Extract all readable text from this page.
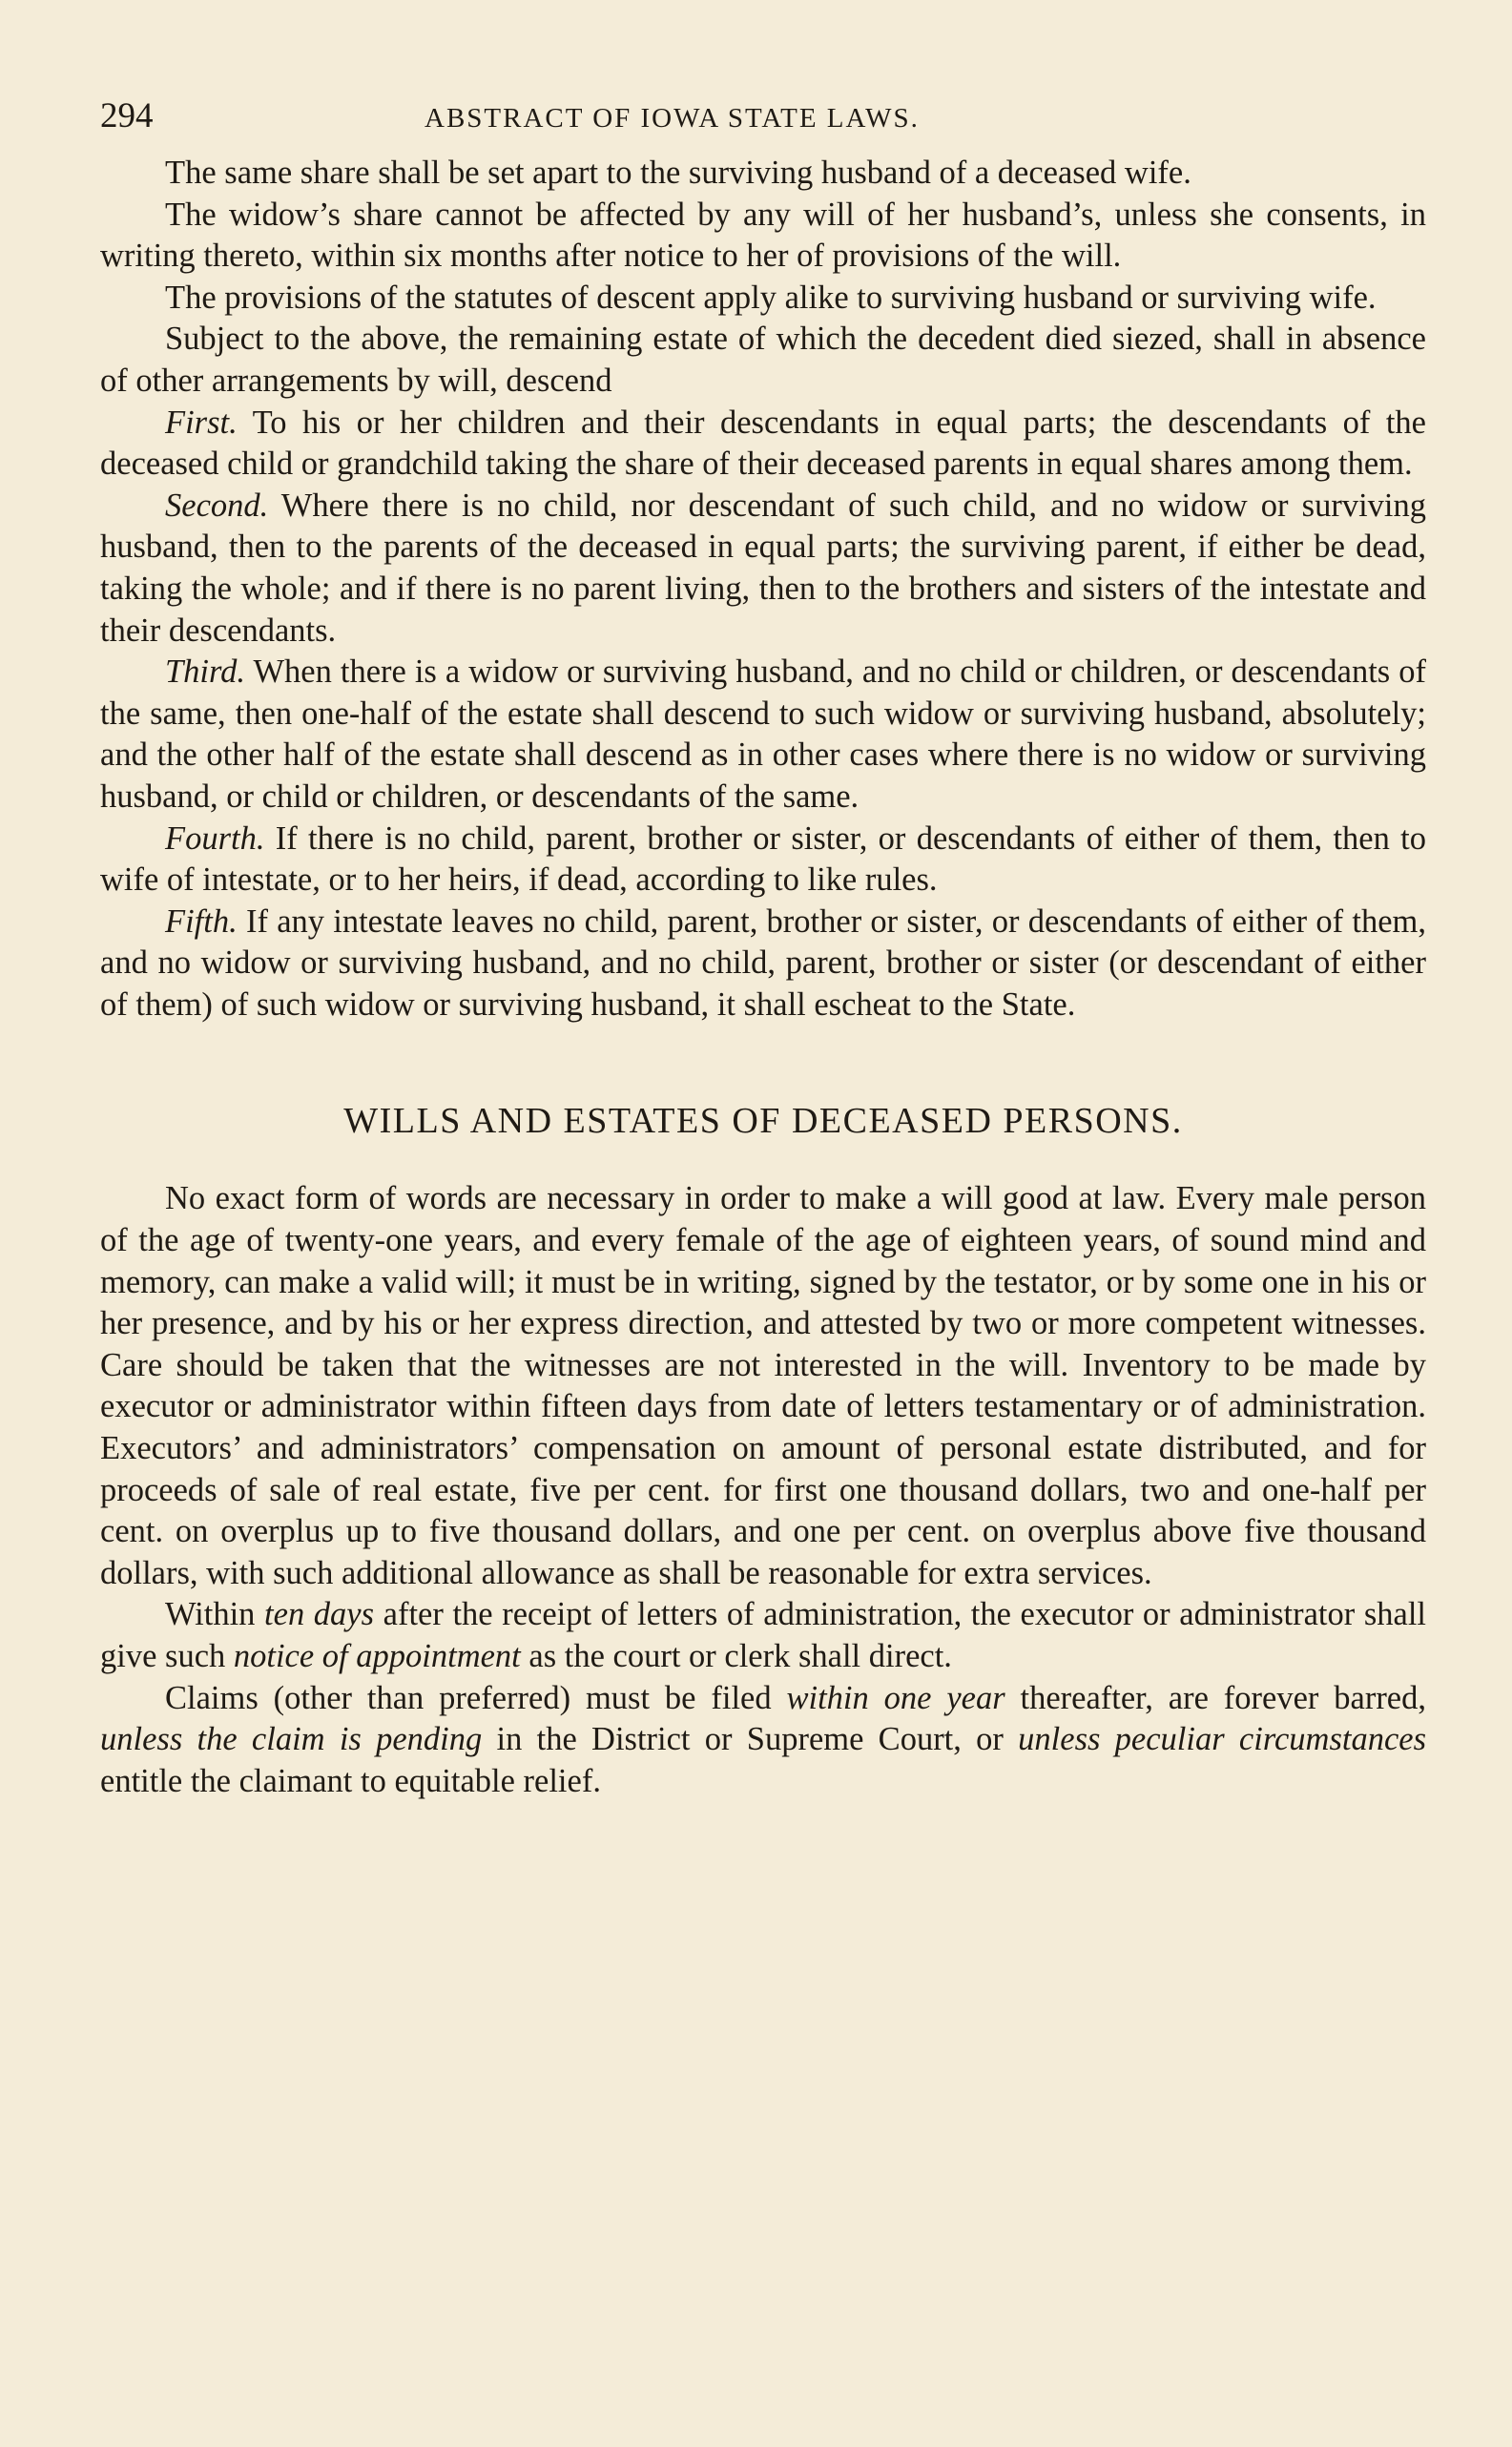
294	ABSTRACT OF IOWA STATE LAWS.

The same share shall be set apart to the surviving husband of a deceased wife.

The widow’s share cannot be affected by any will of her husband’s, unless she consents, in writing thereto, within six months after notice to her of provisions of the will.

The provisions of the statutes of descent apply alike to surviving husband or surviving wife.

Subject to the above, the remaining estate of which the decedent died siezed, shall in absence of other arrangements by will, descend

First. To his or her children and their descendants in equal parts; the descendants of the deceased child or grandchild taking the share of their deceased parents in equal shares among them.

Second. Where there is no child, nor descendant of such child, and no widow or surviving husband, then to the parents of the deceased in equal parts; the surviving parent, if either be dead, taking the whole; and if there is no parent living, then to the brothers and sisters of the intestate and their descendants.

Third. When there is a widow or surviving husband, and no child or children, or descendants of the same, then one-half of the estate shall descend to such widow or surviving husband, absolutely; and the other half of the estate shall descend as in other cases where there is no widow or surviving husband, or child or children, or descendants of the same.

Fourth. If there is no child, parent, brother or sister, or descendants of either of them, then to wife of intestate, or to her heirs, if dead, according to like rules.

Fifth. If any intestate leaves no child, parent, brother or sister, or descendants of either of them, and no widow or surviving husband, and no child, parent, brother or sister (or descendant of either of them) of such widow or surviving husband, it shall escheat to the State.

WILLS AND ESTATES OF DECEASED PERSONS.

No exact form of words are necessary in order to make a will good at law. Every male person of the age of twenty-one years, and every female of the age of eighteen years, of sound mind and memory, can make a valid will; it must be in writing, signed by the testator, or by some one in his or her presence, and by his or her express direction, and attested by two or more competent witnesses. Care should be taken that the witnesses are not interested in the will. Inventory to be made by executor or administrator within fifteen days from date of letters testamentary or of administration. Executors’ and administrators’ compensation on amount of personal estate distributed, and for proceeds of sale of real estate, five per cent. for first one thousand dollars, two and one-half per cent. on overplus up to five thousand dollars, and one per cent. on overplus above five thousand dollars, with such additional allowance as shall be reasonable for extra services.

Within ten days after the receipt of letters of administration, the executor or administrator shall give such notice of appointment as the court or clerk shall direct.

Claims (other than preferred) must be filed within one year thereafter, are forever barred, unless the claim is pending in the District or Supreme Court, or unless peculiar circumstances entitle the claimant to equitable relief.
